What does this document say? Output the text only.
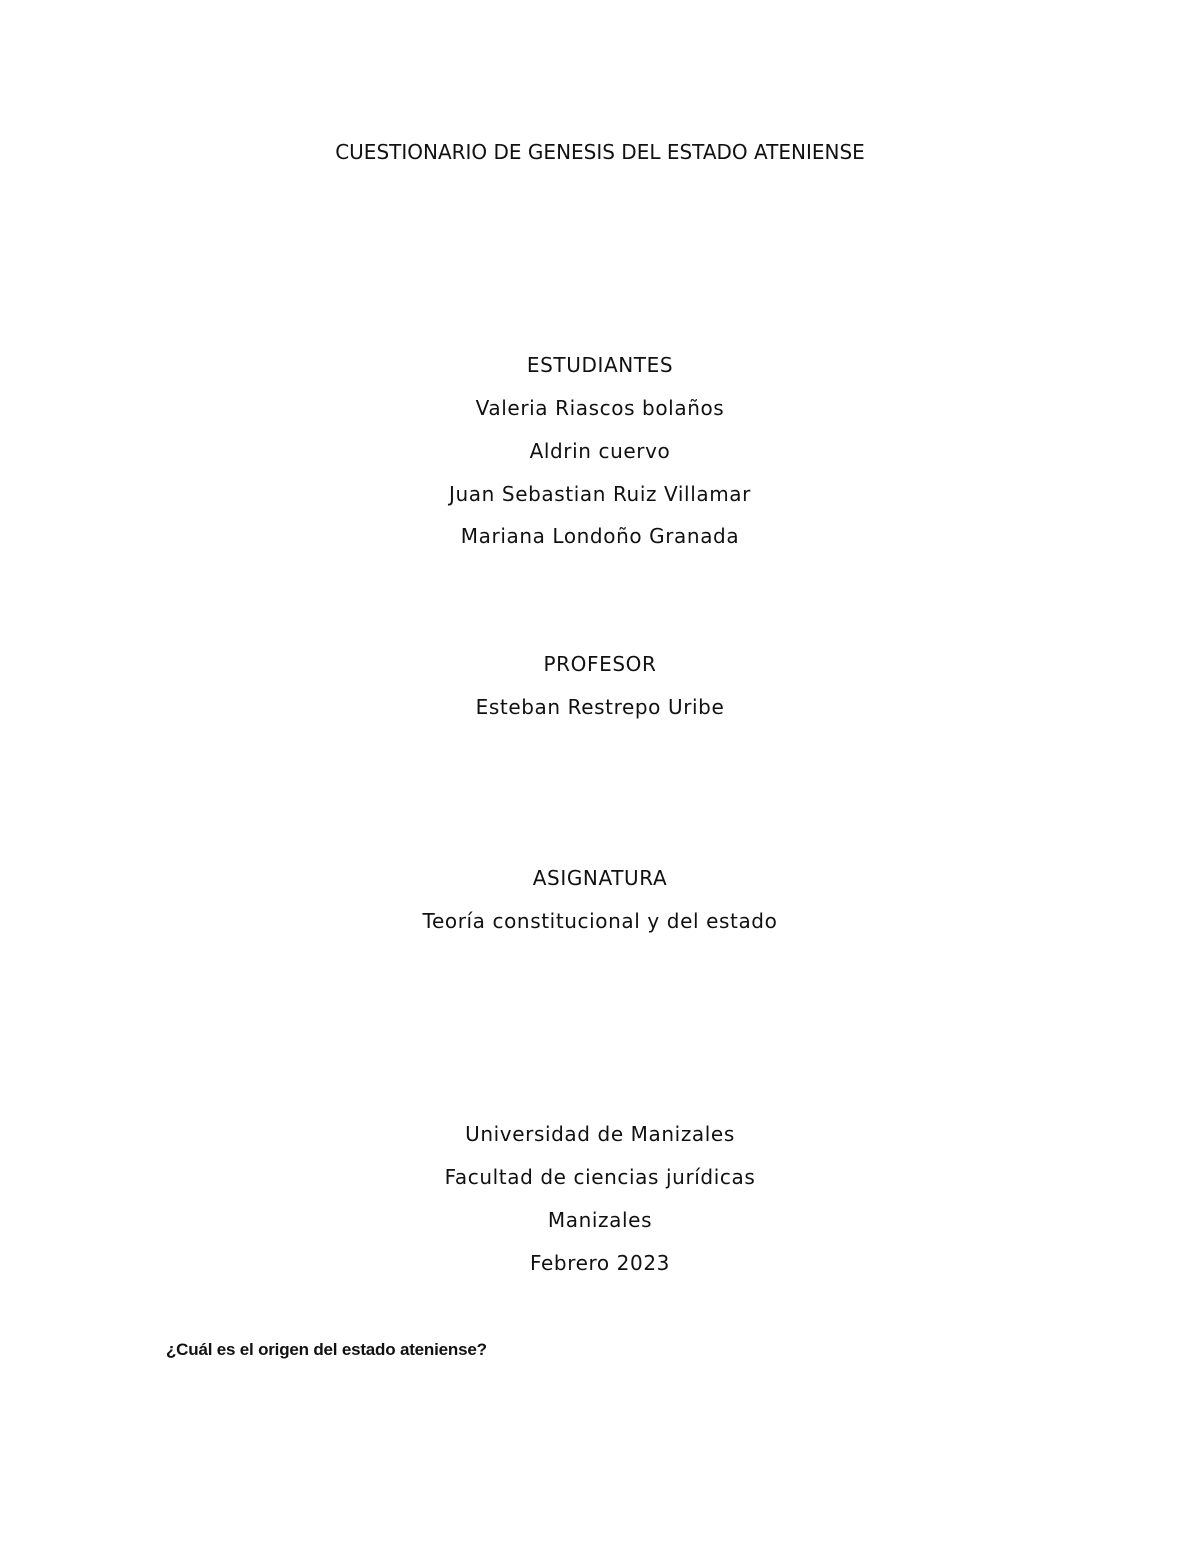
CUESTIONARIO DE GENESIS DEL ESTADO ATENIENSE
ESTUDIANTES
Valeria Riascos bolaños
Aldrin cuervo
Juan Sebastian Ruiz Villamar
Mariana Londoño Granada
PROFESOR
Esteban Restrepo Uribe
ASIGNATURA
Teoría constitucional y del estado
Universidad de Manizales
Facultad de ciencias jurídicas
Manizales
Febrero 2023
¿Cuál es el origen del estado ateniense?
